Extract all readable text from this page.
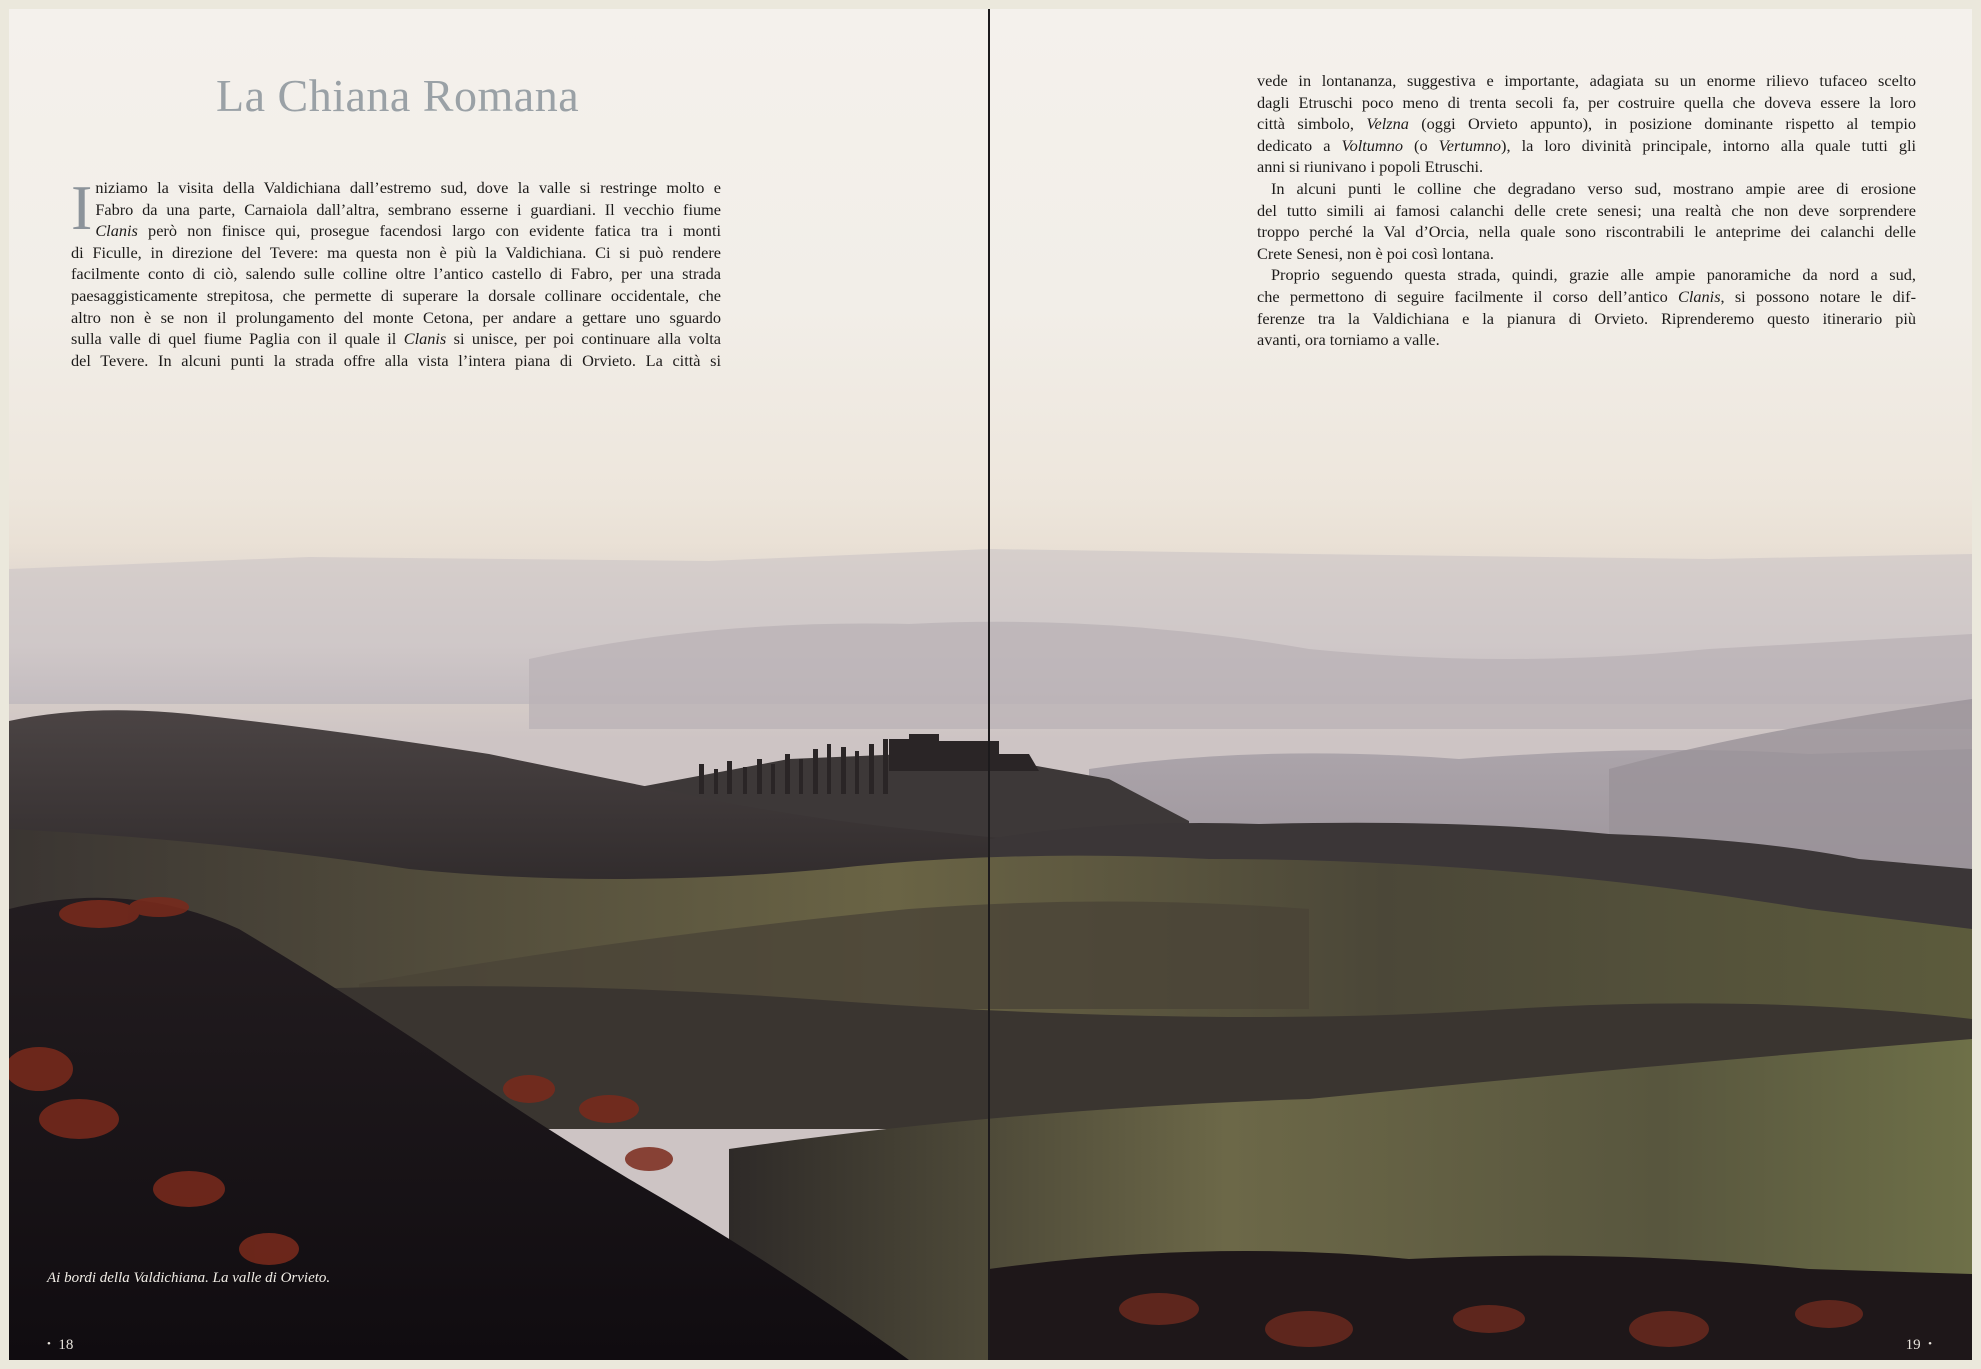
La Chiana Romana
I niziamo la visita della Valdichiana dall’estremo sud, dove la valle si restringe molto e
Fabro da una parte, Carnaiola dall’altra, sembrano esserne i guardiani. Il vecchio fiume
Clanis però non finisce qui, prosegue facendosi largo con evidente fatica tra i monti
di Ficulle, in direzione del Tevere: ma questa non è più la Valdichiana. Ci si può rendere
facilmente conto di ciò, salendo sulle colline oltre l’antico castello di Fabro, per una strada
paesaggisticamente strepitosa, che permette di superare la dorsale collinare occidentale, che
altro non è se non il prolungamento del monte Cetona, per andare a gettare uno sguardo
sulla valle di quel fiume Paglia con il quale il Clanis si unisce, per poi continuare alla volta
del Tevere. In alcuni punti la strada offre alla vista l’intera piana di Orvieto. La città si
vede in lontananza, suggestiva e importante, adagiata su un enorme rilievo tufaceo scelto
dagli Etruschi poco meno di trenta secoli fa, per costruire quella che doveva essere la loro
città simbolo, Velzna (oggi Orvieto appunto), in posizione dominante rispetto al tempio
dedicato a Voltumno (o Vertumno), la loro divinità principale, intorno alla quale tutti gli
anni si riunivano i popoli Etruschi.
In alcuni punti le colline che degradano verso sud, mostrano ampie aree di erosione
del tutto simili ai famosi calanchi delle crete senesi; una realtà che non deve sorprendere
troppo perché la Val d’Orcia, nella quale sono riscontrabili le anteprime dei calanchi delle
Crete Senesi, non è poi così lontana.
Proprio seguendo questa strada, quindi, grazie alle ampie panoramiche da nord a sud,
che permettono di seguire facilmente il corso dell’antico Clanis, si possono notare le dif-
ferenze tra la Valdichiana e la pianura di Orvieto. Riprenderemo questo itinerario più
avanti, ora torniamo a valle.
Ai bordi della Valdichiana. La valle di Orvieto.
• 18	19 •
